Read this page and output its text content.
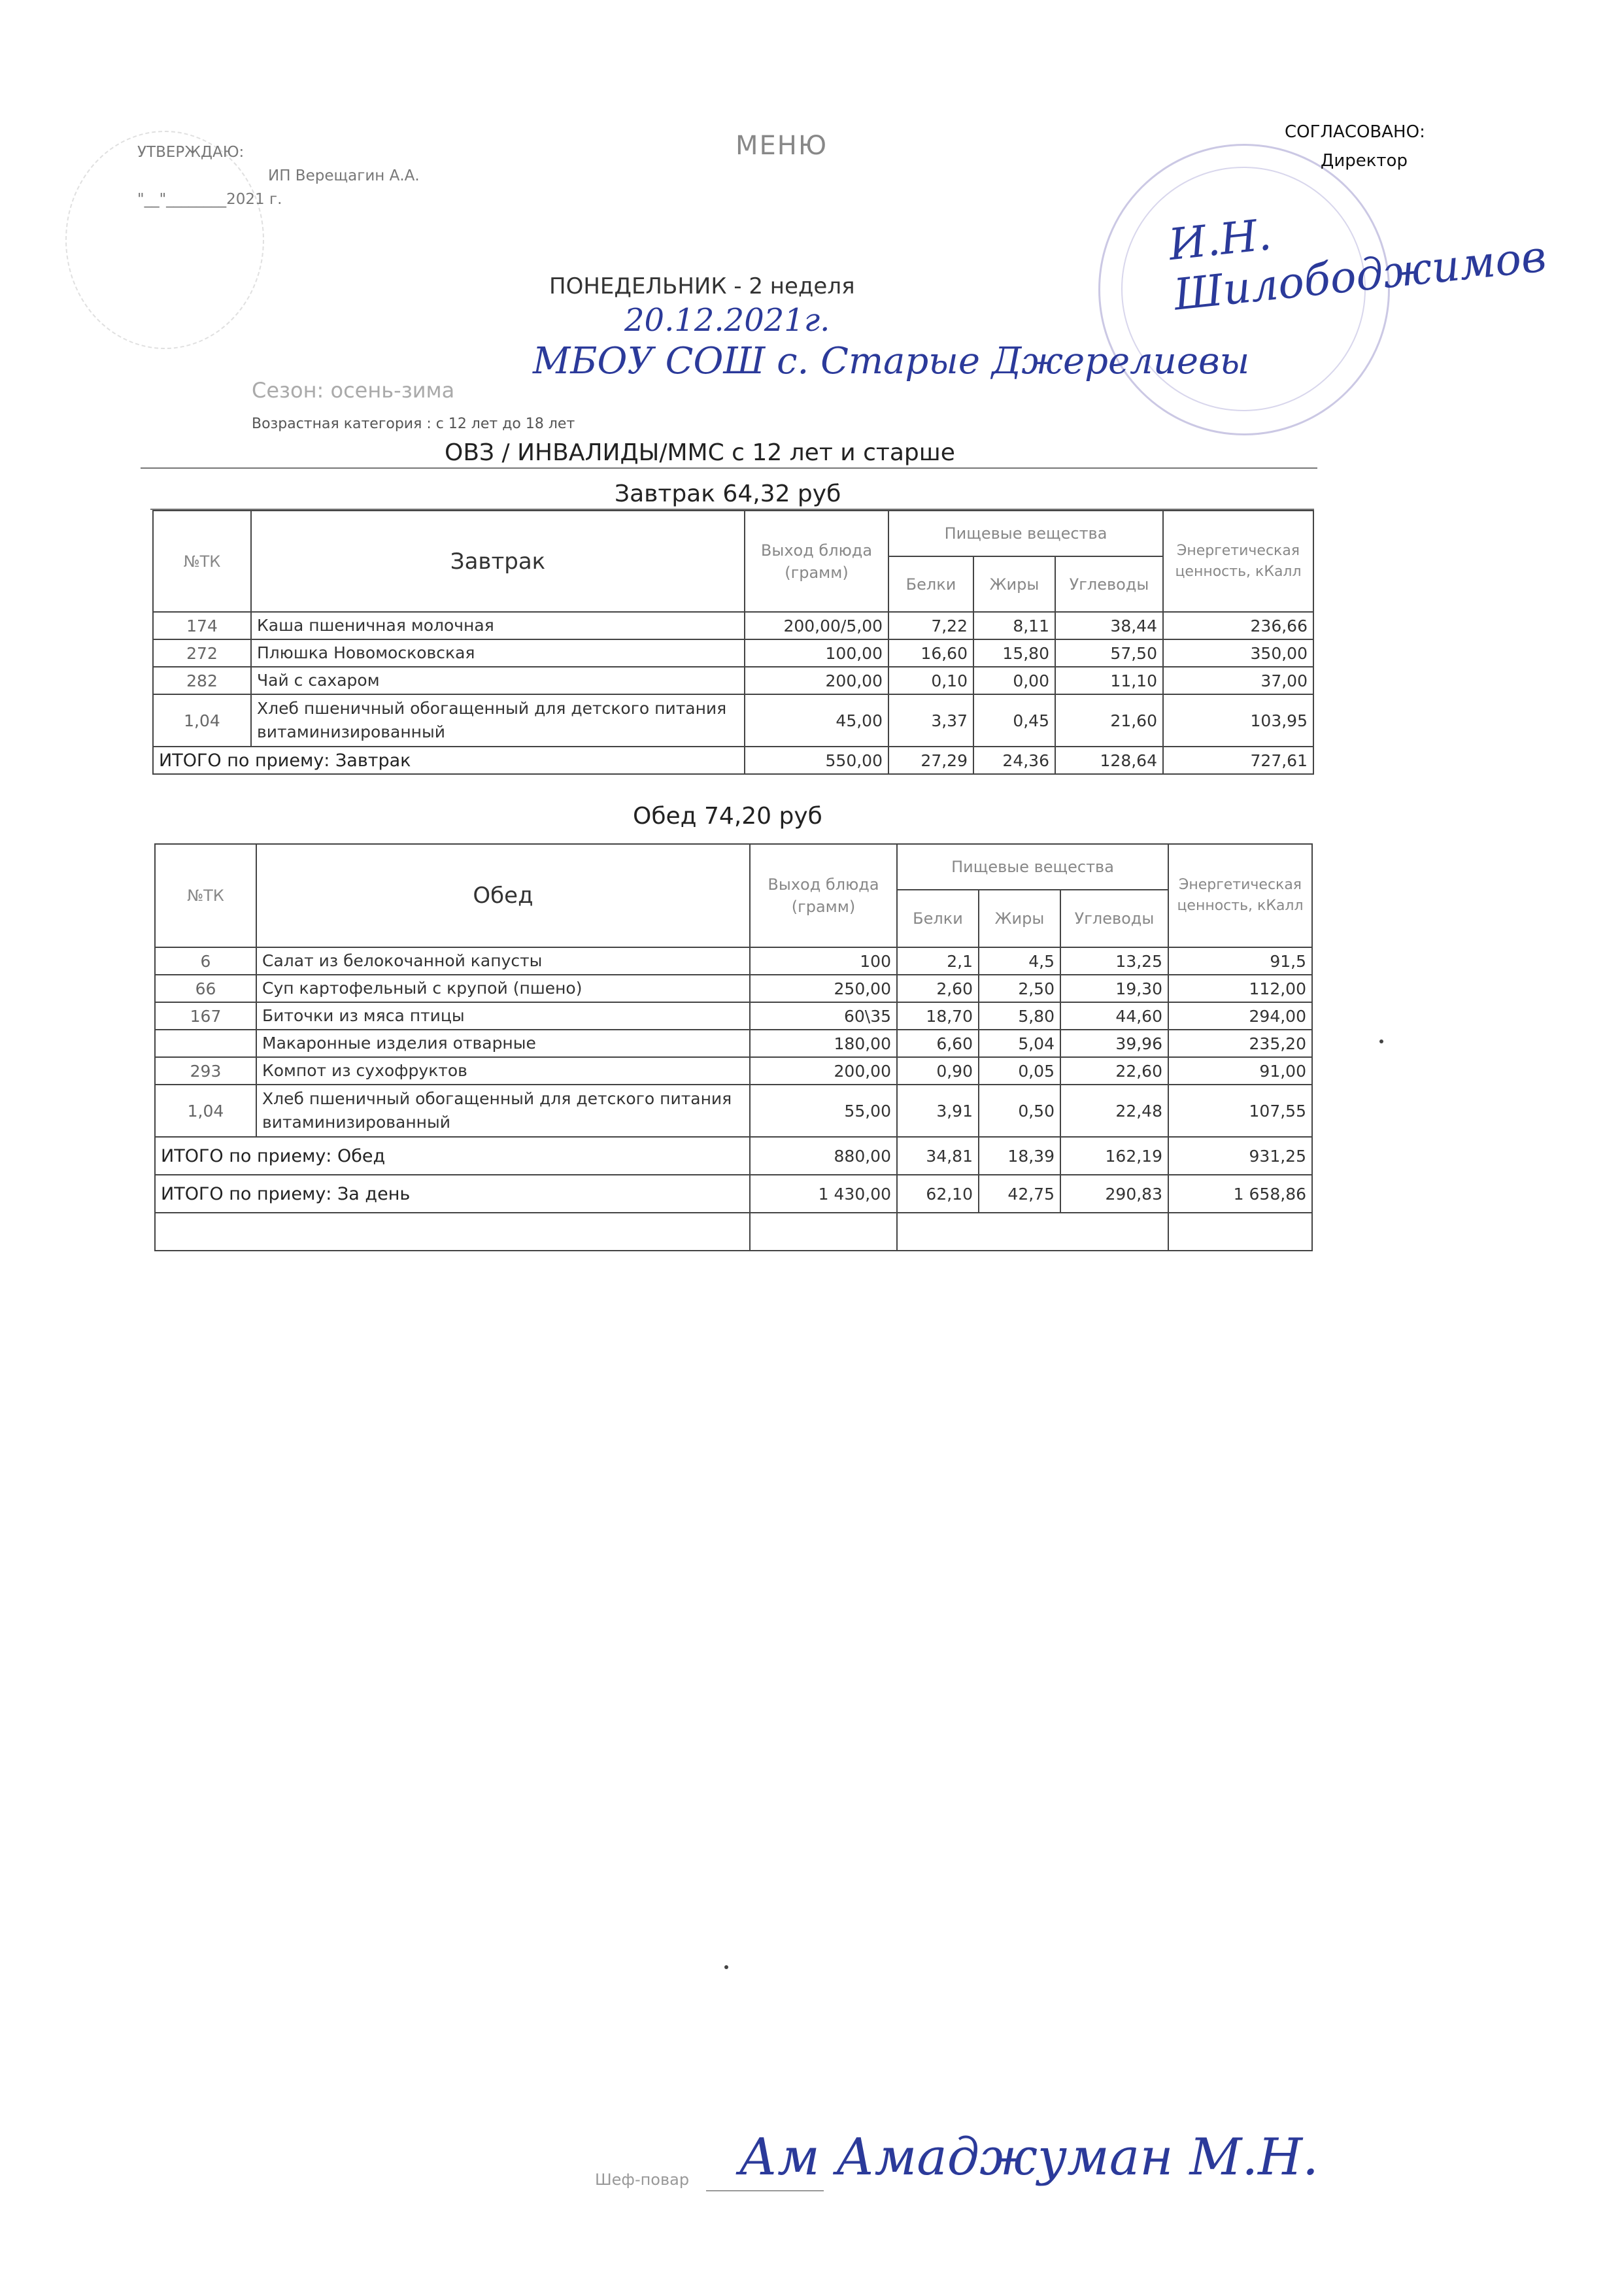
МЕНЮ
УТВЕРЖДАЮ:
ИП Верещагин А.А.
"__"________2021 г.
СОГЛАСОВАНО:
Директор
И.Н. Шилободжимов
ПОНЕДЕЛЬНИК - 2 неделя
20.12.2021г.
МБОУ СОШ с. Старые Джерелиевы
Сезон: осень-зима
Возрастная категория : с 12 лет до 18 лет
ОВЗ / ИНВАЛИДЫ/ММС с 12 лет и старше
Завтрак 64,32 руб
№ТК	Завтрак	Выход блюда (грамм)	Пищевые вещества			Энергетическая ценность, кКалл
			Белки	Жиры	Углеводы	
174	Каша пшеничная молочная	200,00/5,00	7,22	8,11	38,44	236,66
272	Плюшка Новомосковская	100,00	16,60	15,80	57,50	350,00
282	Чай с сахаром	200,00	0,10	0,00	11,10	37,00
1,04	Хлеб пшеничный обогащенный для детского питания витаминизированный	45,00	3,37	0,45	21,60	103,95
ИТОГО по приему: Завтрак		550,00	27,29	24,36	128,64	727,61
Обед 74,20 руб
№ТК	Обед	Выход блюда (грамм)	Пищевые вещества			Энергетическая ценность, кКалл
			Белки	Жиры	Углеводы	
6	Салат из белокочанной капусты	100	2,1	4,5	13,25	91,5
66	Суп картофельный с крупой (пшено)	250,00	2,60	2,50	19,30	112,00
167	Биточки из мяса птицы	60\35	18,70	5,80	44,60	294,00
	Макаронные изделия отварные	180,00	6,60	5,04	39,96	235,20
293	Компот из сухофруктов	200,00	0,90	0,05	22,60	91,00
1,04	Хлеб пшеничный обогащенный для детского питания витаминизированный	55,00	3,91	0,50	22,48	107,55
ИТОГО по приему: Обед		880,00	34,81	18,39	162,19	931,25
ИТОГО по приему: За день		1 430,00	62,10	42,75	290,83	1 658,86

Шеф-повар Ам Амаджуман М.Н.
